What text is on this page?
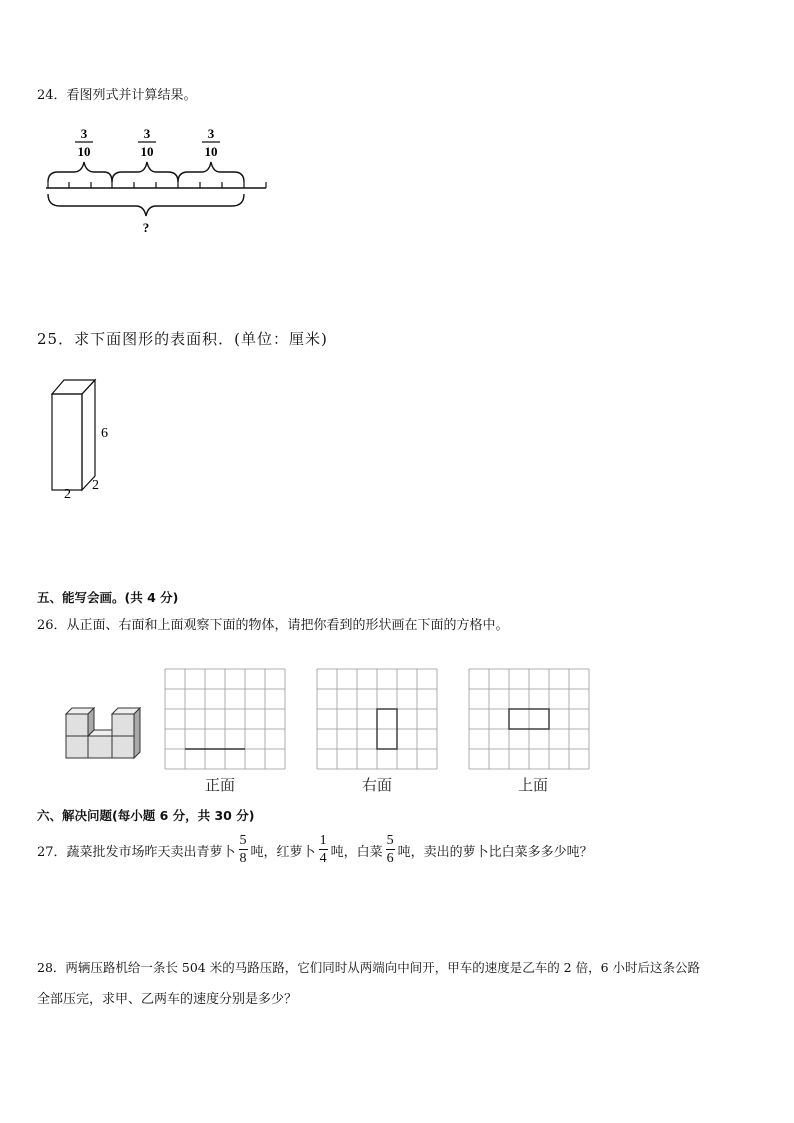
24．看图列式并计算结果。
3
10
3
10
3
10
?
25．求下面图形的表面积．(单位：厘米)
6
2
2
五、能写会画。(共 4 分)
26．从正面、右面和上面观察下面的物体，请把你看到的形状画在下面的方格中。
正面	右面	上面
六、解决问题(每小题 6 分，共 30 分)
27．蔬菜批发市场昨天卖出青萝卜 $\frac{5}{8}$ 吨，红萝卜 $\frac{1}{4}$ 吨，白菜 $\frac{5}{6}$ 吨，卖出的萝卜比白菜多多少吨？
28．两辆压路机给一条长 504 米的马路压路，它们同时从两端向中间开，甲车的速度是乙车的 2 倍，6 小时后这条公路
全部压完，求甲、乙两车的速度分别是多少？
